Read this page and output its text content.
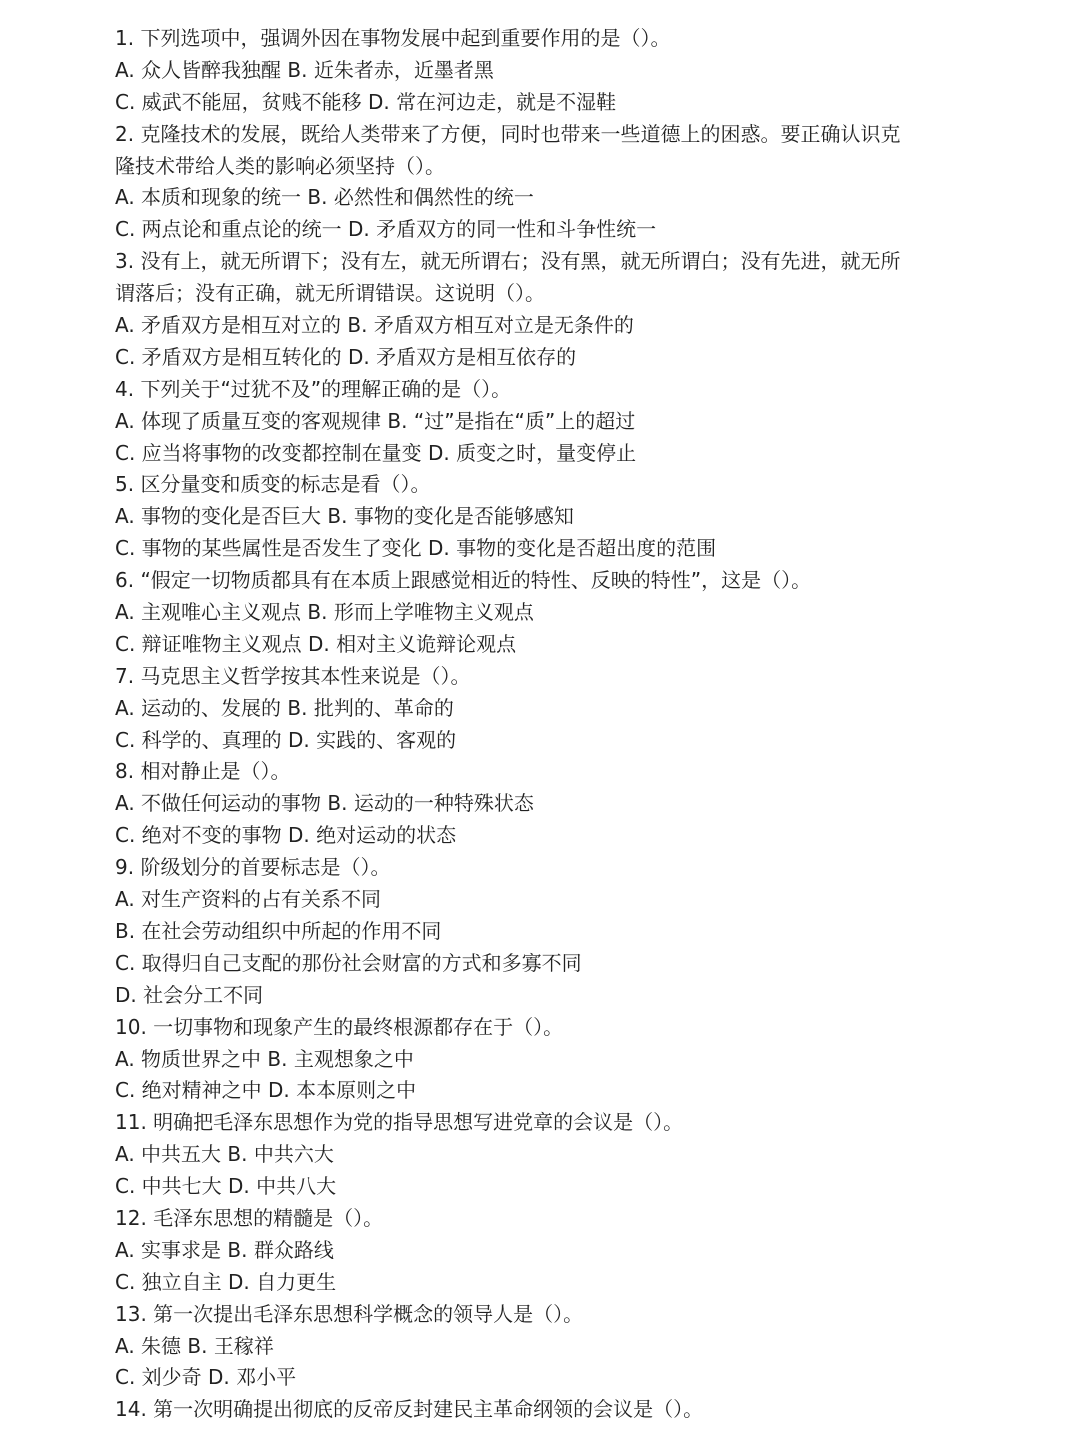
1. 下列选项中，强调外因在事物发展中起到重要作用的是（）。
A. 众人皆醉我独醒 B. 近朱者赤，近墨者黑
C. 威武不能屈，贫贱不能移 D. 常在河边走，就是不湿鞋
2. 克隆技术的发展，既给人类带来了方便，同时也带来一些道德上的困惑。要正确认识克
隆技术带给人类的影响必须坚持（）。
A. 本质和现象的统一 B. 必然性和偶然性的统一
C. 两点论和重点论的统一 D. 矛盾双方的同一性和斗争性统一
3. 没有上，就无所谓下；没有左，就无所谓右；没有黑，就无所谓白；没有先进，就无所
谓落后；没有正确，就无所谓错误。这说明（）。
A. 矛盾双方是相互对立的 B. 矛盾双方相互对立是无条件的
C. 矛盾双方是相互转化的 D. 矛盾双方是相互依存的
4. 下列关于“过犹不及”的理解正确的是（）。
A. 体现了质量互变的客观规律 B. “过”是指在“质”上的超过
C. 应当将事物的改变都控制在量变 D. 质变之时，量变停止
5. 区分量变和质变的标志是看（）。
A. 事物的变化是否巨大 B. 事物的变化是否能够感知
C. 事物的某些属性是否发生了变化 D. 事物的变化是否超出度的范围
6. “假定一切物质都具有在本质上跟感觉相近的特性、反映的特性”，这是（）。
A. 主观唯心主义观点 B. 形而上学唯物主义观点
C. 辩证唯物主义观点 D. 相对主义诡辩论观点
7. 马克思主义哲学按其本性来说是（）。
A. 运动的、发展的 B. 批判的、革命的
C. 科学的、真理的 D. 实践的、客观的
8. 相对静止是（）。
A. 不做任何运动的事物 B. 运动的一种特殊状态
C. 绝对不变的事物 D. 绝对运动的状态
9. 阶级划分的首要标志是（）。
A. 对生产资料的占有关系不同
B. 在社会劳动组织中所起的作用不同
C. 取得归自己支配的那份社会财富的方式和多寡不同
D. 社会分工不同
10. 一切事物和现象产生的最终根源都存在于（）。
A. 物质世界之中 B. 主观想象之中
C. 绝对精神之中 D. 本本原则之中
11. 明确把毛泽东思想作为党的指导思想写进党章的会议是（）。
A. 中共五大 B. 中共六大
C. 中共七大 D. 中共八大
12. 毛泽东思想的精髓是（）。
A. 实事求是 B. 群众路线
C. 独立自主 D. 自力更生
13. 第一次提出毛泽东思想科学概念的领导人是（）。
A. 朱德 B. 王稼祥
C. 刘少奇 D. 邓小平
14. 第一次明确提出彻底的反帝反封建民主革命纲领的会议是（）。
